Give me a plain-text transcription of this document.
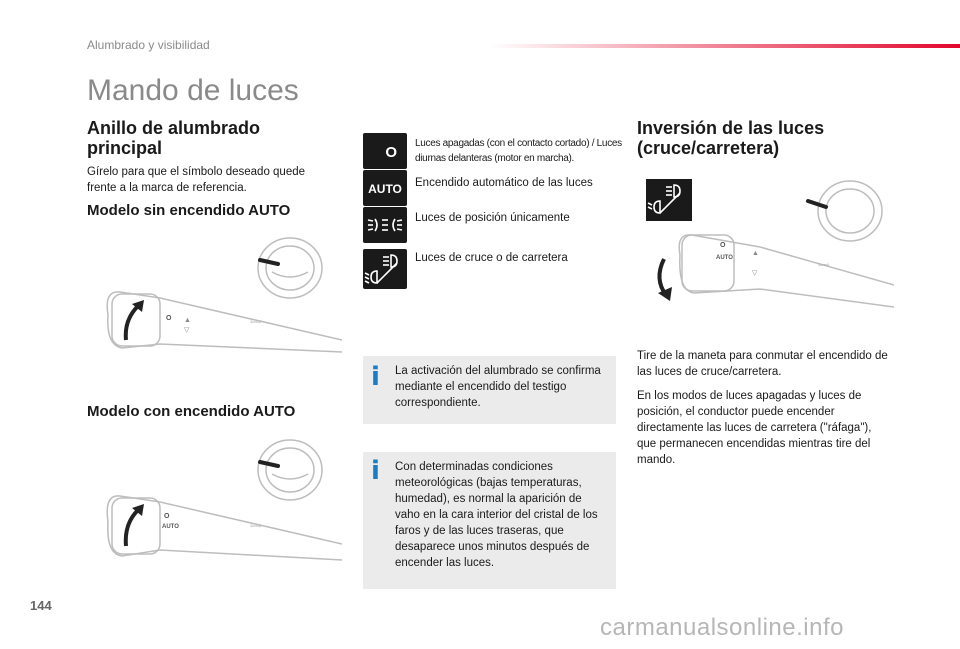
Alumbrado y visibilidad
Mando de luces
Anillo de alumbrado principal

Gírelo para que el símbolo deseado quede frente a la marca de referencia.

Modelo sin encendido AUTO
O ▲
▽
⇦⇨
Modelo con encendido AUTO
O
AUTO	⇦⇨
O
Luces apagadas (con el contacto cortado) / Luces diurnas delanteras (motor en marcha).
AUTO Encendido automático de las luces
Luces de posición únicamente
Luces de cruce o de carretera
i La activación del alumbrado se confirma mediante el encendido del testigo correspondiente.
i Con determinadas condiciones meteorológicas (bajas temperaturas, humedad), es normal la aparición de vaho en la cara interior del cristal de los faros y de las luces traseras, que desaparece unos minutos después de encender las luces.
Inversión de las luces (cruce/carretera)
O
AUTO
▲
▽
⇦⇨

Tire de la maneta para conmutar el encendido de las luces de cruce/carretera.

En los modos de luces apagadas y luces de posición, el conductor puede encender directamente las luces de carretera ("ráfaga"), que permanecen encendidas mientras tire del mando.

144
carmanualsonline.info
